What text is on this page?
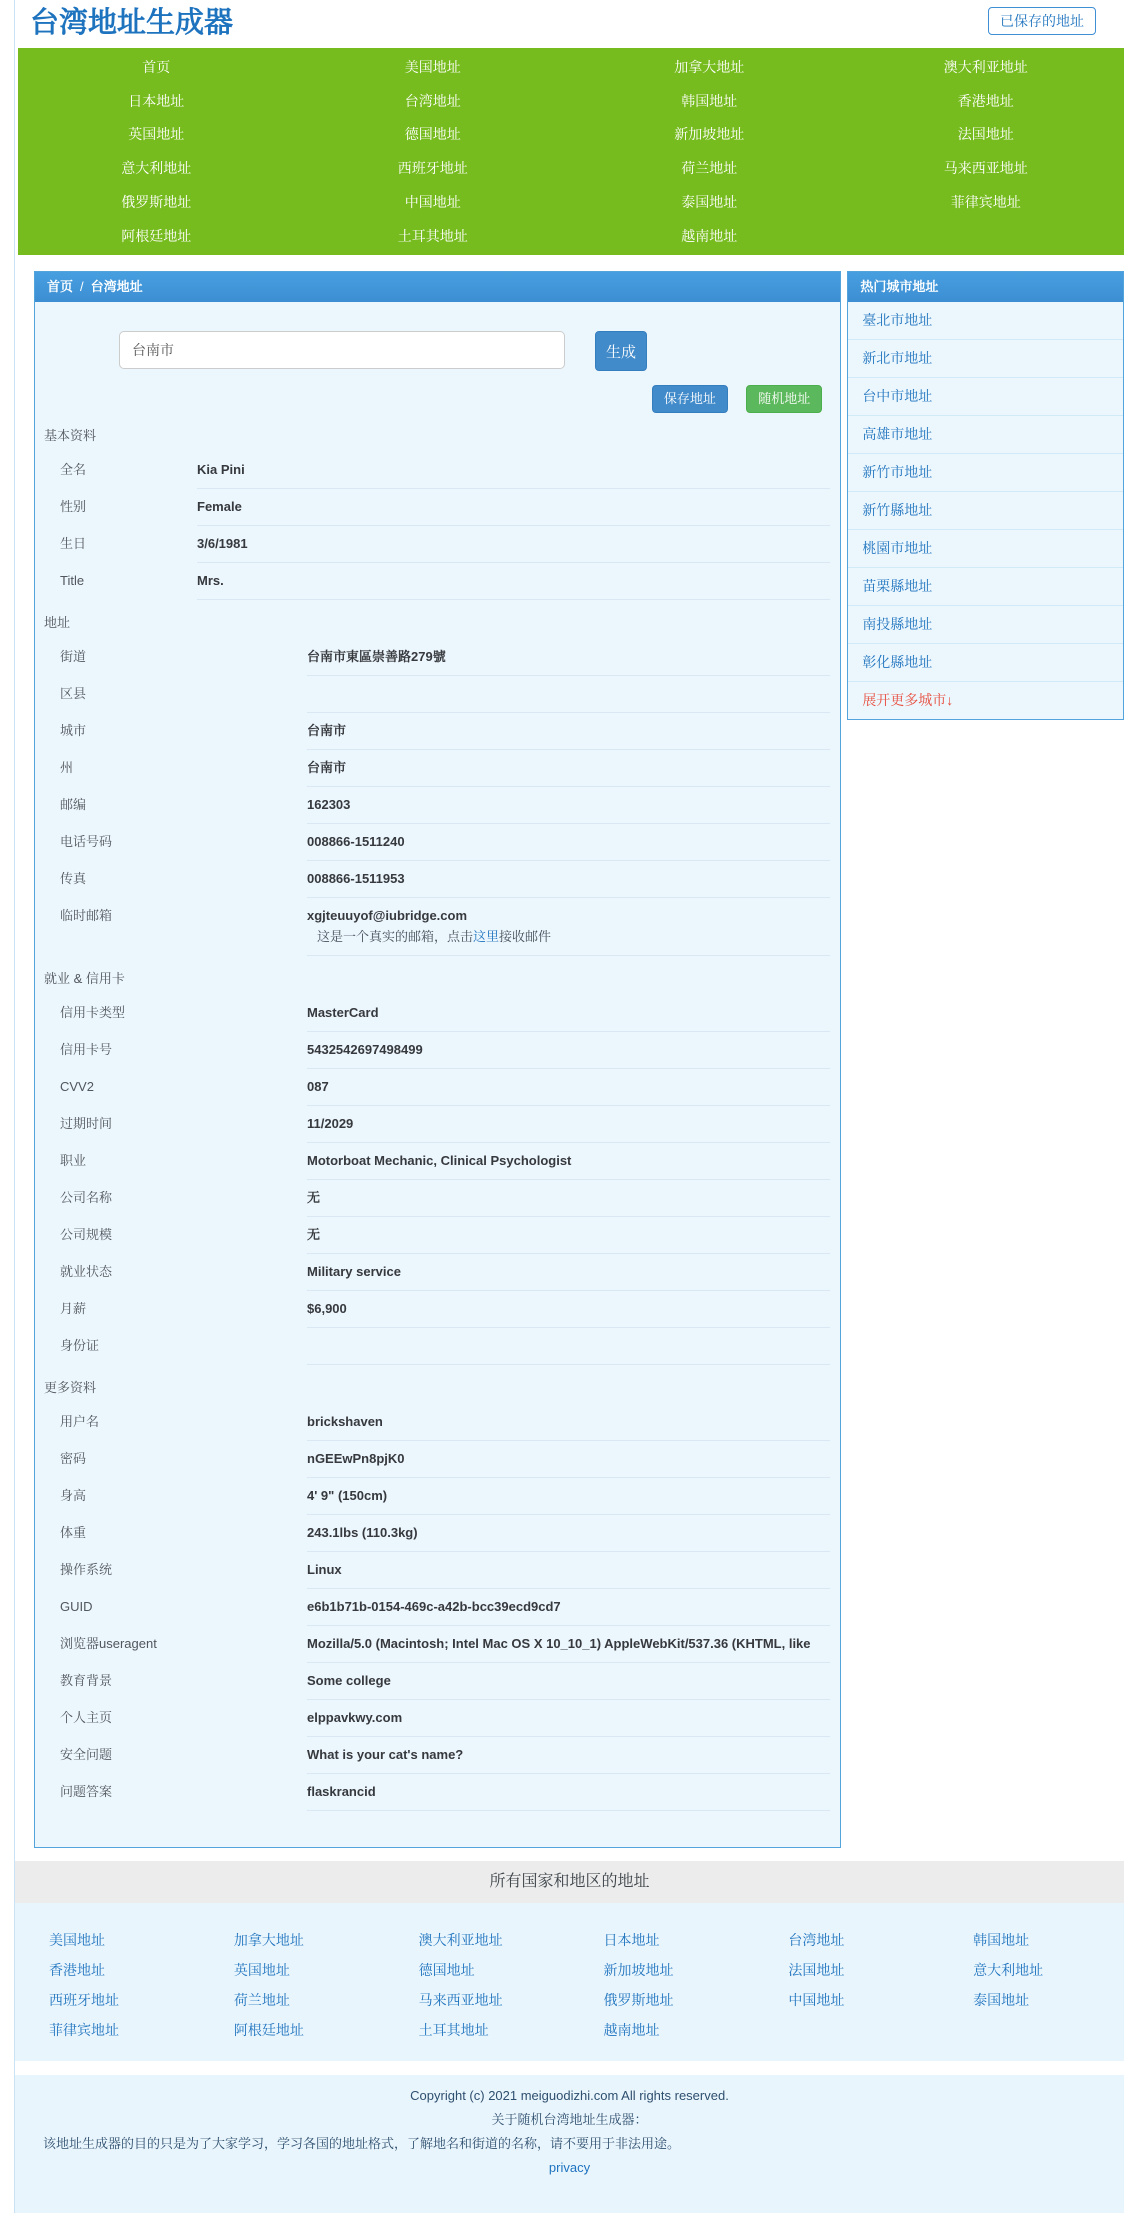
台湾地址生成器	已保存的地址
首页	美国地址	加拿大地址	澳大利亚地址
日本地址	台湾地址	韩国地址	香港地址
英国地址	德国地址	新加坡地址	法国地址
意大利地址	西班牙地址	荷兰地址	马来西亚地址
俄罗斯地址	中国地址	泰国地址	菲律宾地址
阿根廷地址	土耳其地址	越南地址
首页 / 台湾地址
台南市
生成
保存地址	随机地址
基本资料
全名	Kia Pini
性别	Female
生日	3/6/1981
Title	Mrs.
地址
街道	台南市東區崇善路279號
区县
城市	台南市
州	台南市
邮编	162303
电话号码	008866-1511240
传真	008866-1511953
临时邮箱	xgjteuuyof@iubridge.com
这是一个真实的邮箱，点击这里接收邮件
就业 & 信用卡
信用卡类型	MasterCard
信用卡号	5432542697498499
CVV2	087
过期时间	11/2029
职业	Motorboat Mechanic, Clinical Psychologist
公司名称	无
公司规模	无
就业状态	Military service
月薪	$6,900
身份证
更多资料
用户名	brickshaven
密码	nGEEwPn8pjK0
身高	4' 9" (150cm)
体重	243.1lbs (110.3kg)
操作系统	Linux
GUID	e6b1b71b-0154-469c-a42b-bcc39ecd9cd7
浏览器useragent	Mozilla/5.0 (Macintosh; Intel Mac OS X 10_10_1) AppleWebKit/537.36 (KHTML, like
教育背景	Some college
个人主页	elppavkwy.com
安全问题	What is your cat's name?
问题答案	flaskrancid
热门城市地址
臺北市地址
新北市地址
台中市地址
高雄市地址
新竹市地址
新竹縣地址
桃園市地址
苗栗縣地址
南投縣地址
彰化縣地址
展开更多城市↓
所有国家和地区的地址
美国地址	加拿大地址	澳大利亚地址	日本地址	台湾地址	韩国地址
香港地址	英国地址	德国地址	新加坡地址	法国地址	意大利地址
西班牙地址	荷兰地址	马来西亚地址	俄罗斯地址	中国地址	泰国地址
菲律宾地址	阿根廷地址	土耳其地址	越南地址

Copyright (c) 2021 meiguodizhi.com All rights reserved.

关于随机台湾地址生成器：

该地址生成器的目的只是为了大家学习，学习各国的地址格式，了解地名和街道的名称，请不要用于非法用途。

privacy
